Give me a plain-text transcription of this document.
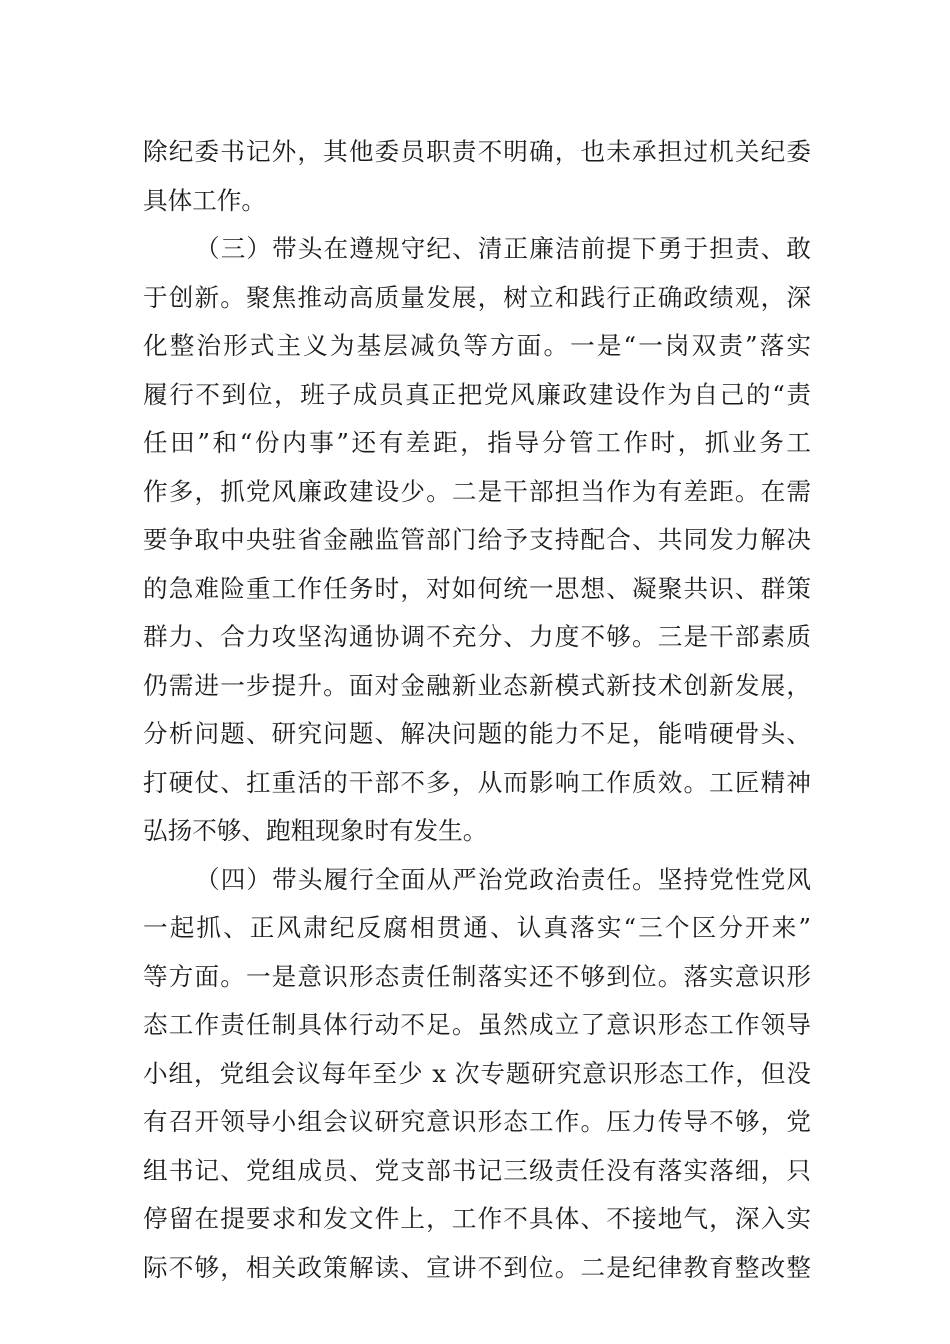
除纪委书记外，其他委员职责不明确，也未承担过机关纪委
具体工作。
（三）带头在遵规守纪、清正廉洁前提下勇于担责、敢
于创新。聚焦推动高质量发展，树立和践行正确政绩观，深
化整治形式主义为基层减负等方面。一是“一岗双责”落实
履行不到位，班子成员真正把党风廉政建设作为自己的“责
任田”和“份内事”还有差距，指导分管工作时，抓业务工
作多，抓党风廉政建设少。二是干部担当作为有差距。在需
要争取中央驻省金融监管部门给予支持配合、共同发力解决
的急难险重工作任务时，对如何统一思想、凝聚共识、群策
群力、合力攻坚沟通协调不充分、力度不够。三是干部素质
仍需进一步提升。面对金融新业态新模式新技术创新发展，
分析问题、研究问题、解决问题的能力不足，能啃硬骨头、
打硬仗、扛重活的干部不多，从而影响工作质效。工匠精神
弘扬不够、跑粗现象时有发生。
（四）带头履行全面从严治党政治责任。坚持党性党风
一起抓、正风肃纪反腐相贯通、认真落实“三个区分开来”
等方面。一是意识形态责任制落实还不够到位。落实意识形
态工作责任制具体行动不足。虽然成立了意识形态工作领导
小组，党组会议每年至少 x 次专题研究意识形态工作，但没
有召开领导小组会议研究意识形态工作。压力传导不够，党
组书记、党组成员、党支部书记三级责任没有落实落细，只
停留在提要求和发文件上，工作不具体、不接地气，深入实
际不够，相关政策解读、宣讲不到位。二是纪律教育整改整
